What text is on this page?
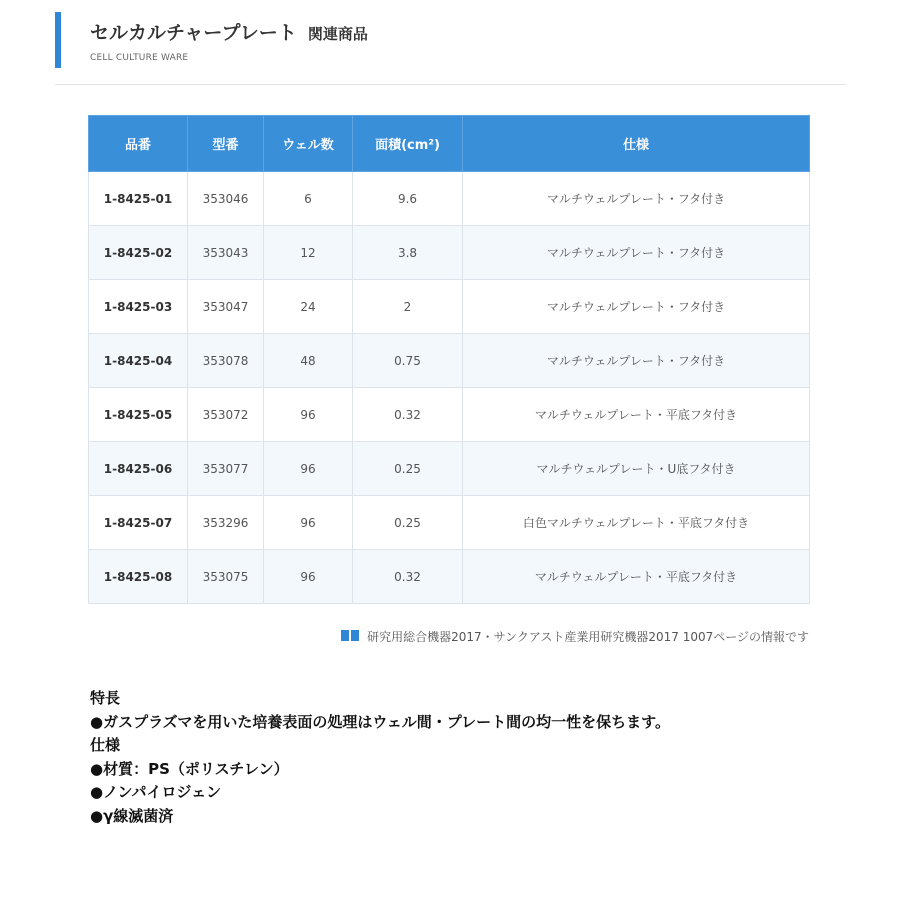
セルカルチャープレート 関連商品
CELL CULTURE WARE
品番	型番	ウェル数	面積(cm²)	仕様
1-8425-01	353046	6	9.6	マルチウェルプレート・フタ付き
1-8425-02	353043	12	3.8	マルチウェルプレート・フタ付き
1-8425-03	353047	24	2	マルチウェルプレート・フタ付き
1-8425-04	353078	48	0.75	マルチウェルプレート・フタ付き
1-8425-05	353072	96	0.32	マルチウェルプレート・平底フタ付き
1-8425-06	353077	96	0.25	マルチウェルプレート・U底フタ付き
1-8425-07	353296	96	0.25	白色マルチウェルプレート・平底フタ付き
1-8425-08	353075	96	0.32	マルチウェルプレート・平底フタ付き
研究用総合機器2017・サンクアスト産業用研究機器2017 1007ページの情報です
特長
●ガスプラズマを用いた培養表面の処理はウェル間・プレート間の均一性を保ちます。
仕様
●材質：PS（ポリスチレン）
●ノンパイロジェン
●γ線滅菌済
